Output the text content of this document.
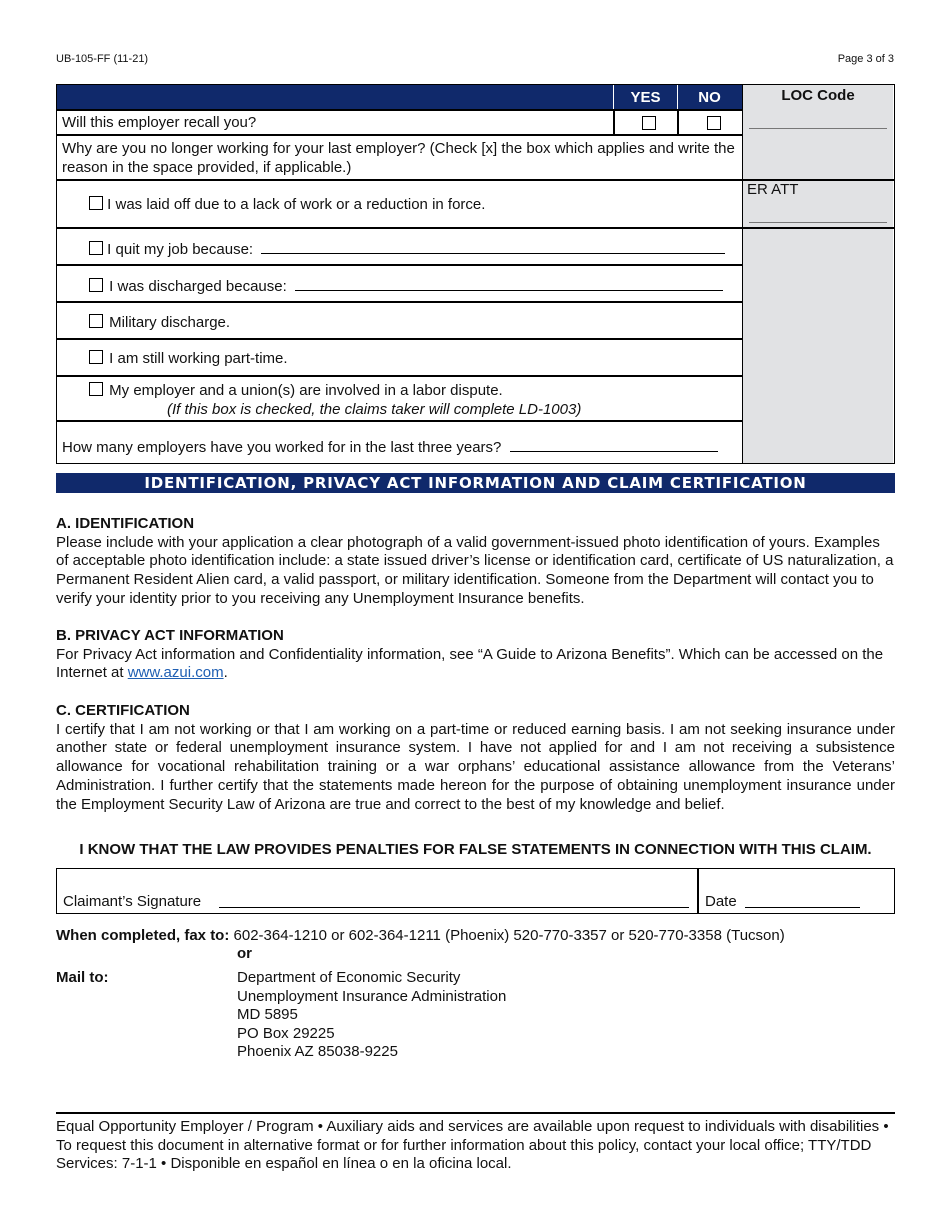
UB-105-FF (11-21)	Page 3 of 3
YES	NO	LOC Code
ER ATT
Will this employer recall you?
Why are you no longer working for your last employer? (Check [x] the box which applies and write the reason in the space provided, if applicable.)
I was laid off due to a lack of work or a reduction in force.
I quit my job because:
I was discharged because:
Military discharge.
I am still working part-time.
My employer and a union(s) are involved in a labor dispute.
(If this box is checked, the claims taker will complete LD-1003)
How many employers have you worked for in the last three years?
IDENTIFICATION, PRIVACY ACT INFORMATION AND CLAIM CERTIFICATION
A. IDENTIFICATION

Please include with your application a clear photograph of a valid government-issued photo identification of yours. Examples of acceptable photo identification include: a state issued driver’s license or identification card, certificate of US naturalization, a Permanent Resident Alien card, a valid passport, or military identification. Someone from the Department will contact you to verify your identity prior to you receiving any Unemployment Insurance benefits.

B. PRIVACY ACT INFORMATION

For Privacy Act information and Confidentiality information, see “A Guide to Arizona Benefits”. Which can be accessed on the Internet at www.azui.com.

C. CERTIFICATION

I certify that I am not working or that I am working on a part-time or reduced earning basis. I am not seeking insurance under another state or federal unemployment insurance system. I have not applied for and I am not receiving a subsistence allowance for vocational rehabilitation training or a war orphans’ educational assistance allowance from the Veterans’ Administration. I further certify that the statements made hereon for the purpose of obtaining unemployment insurance under the Employment Security Law of Arizona are true and correct to the best of my knowledge and belief.

I KNOW THAT THE LAW PROVIDES PENALTIES FOR FALSE STATEMENTS IN CONNECTION WITH THIS CLAIM.
Claimant’s Signature	Date
When completed, fax to: 602-364-1210 or 602-364-1211 (Phoenix) 520-770-3357 or 520-770-3358 (Tucson)
or
Mail to:	Department of Economic Security
Unemployment Insurance Administration
MD 5895
PO Box 29225
Phoenix AZ 85038-9225
Equal Opportunity Employer / Program • Auxiliary aids and services are available upon request to individuals with disabilities • To request this document in alternative format or for further information about this policy, contact your local office; TTY/TDD Services: 7-1-1 • Disponible en español en línea o en la oficina local.
